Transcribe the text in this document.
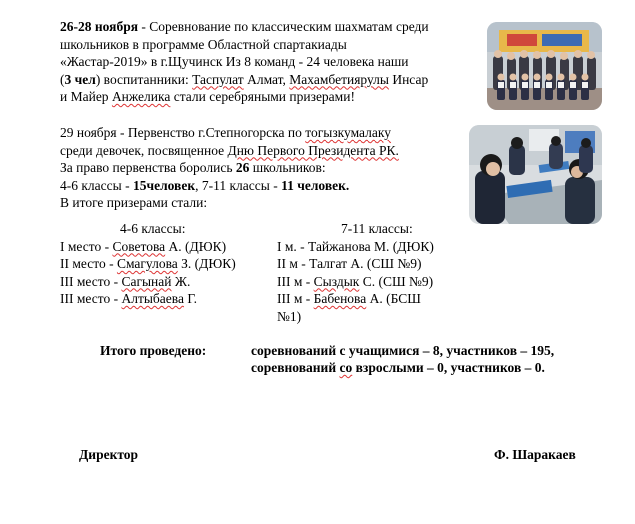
26-28 ноября - Соревнование по классическим шахматам среди
школьников в программе Областной спартакиады
«Жастар-2019» в г.Щучинск Из 8 команд - 24 человека наши
(3 чел) воспитанники: Таспулат Алмат, Махамбетиярулы Инсар
и Майер Анжелика стали серебряными призерами!
29 ноября - Первенство г.Степногорска по тогызкумалаку
среди девочек, посвященное Дню Первого Президента РК.
За право первенства боролись 26 школьников:
4-6 классы - 15человек, 7-11 классы - 11 человек.
В итоге призерами стали:
4-6 классы:
I место - Советова А. (ДЮК)
II место - Смагулова З. (ДЮК)
III место - Сагынай Ж.
III место - Алтыбаева Г.
7-11 классы:
I м. - Тайжанова М. (ДЮК)
II м - Талгат А. (СШ №9)
III м - Сыздык С. (СШ №9)
III м - Бабенова А. (БСШ
№1)
Итого проведено:	соревнований с учащимися – 8, участников – 195,
соревнований со взрослыми – 0, участников – 0.
Директор	Ф. Шаракаев
